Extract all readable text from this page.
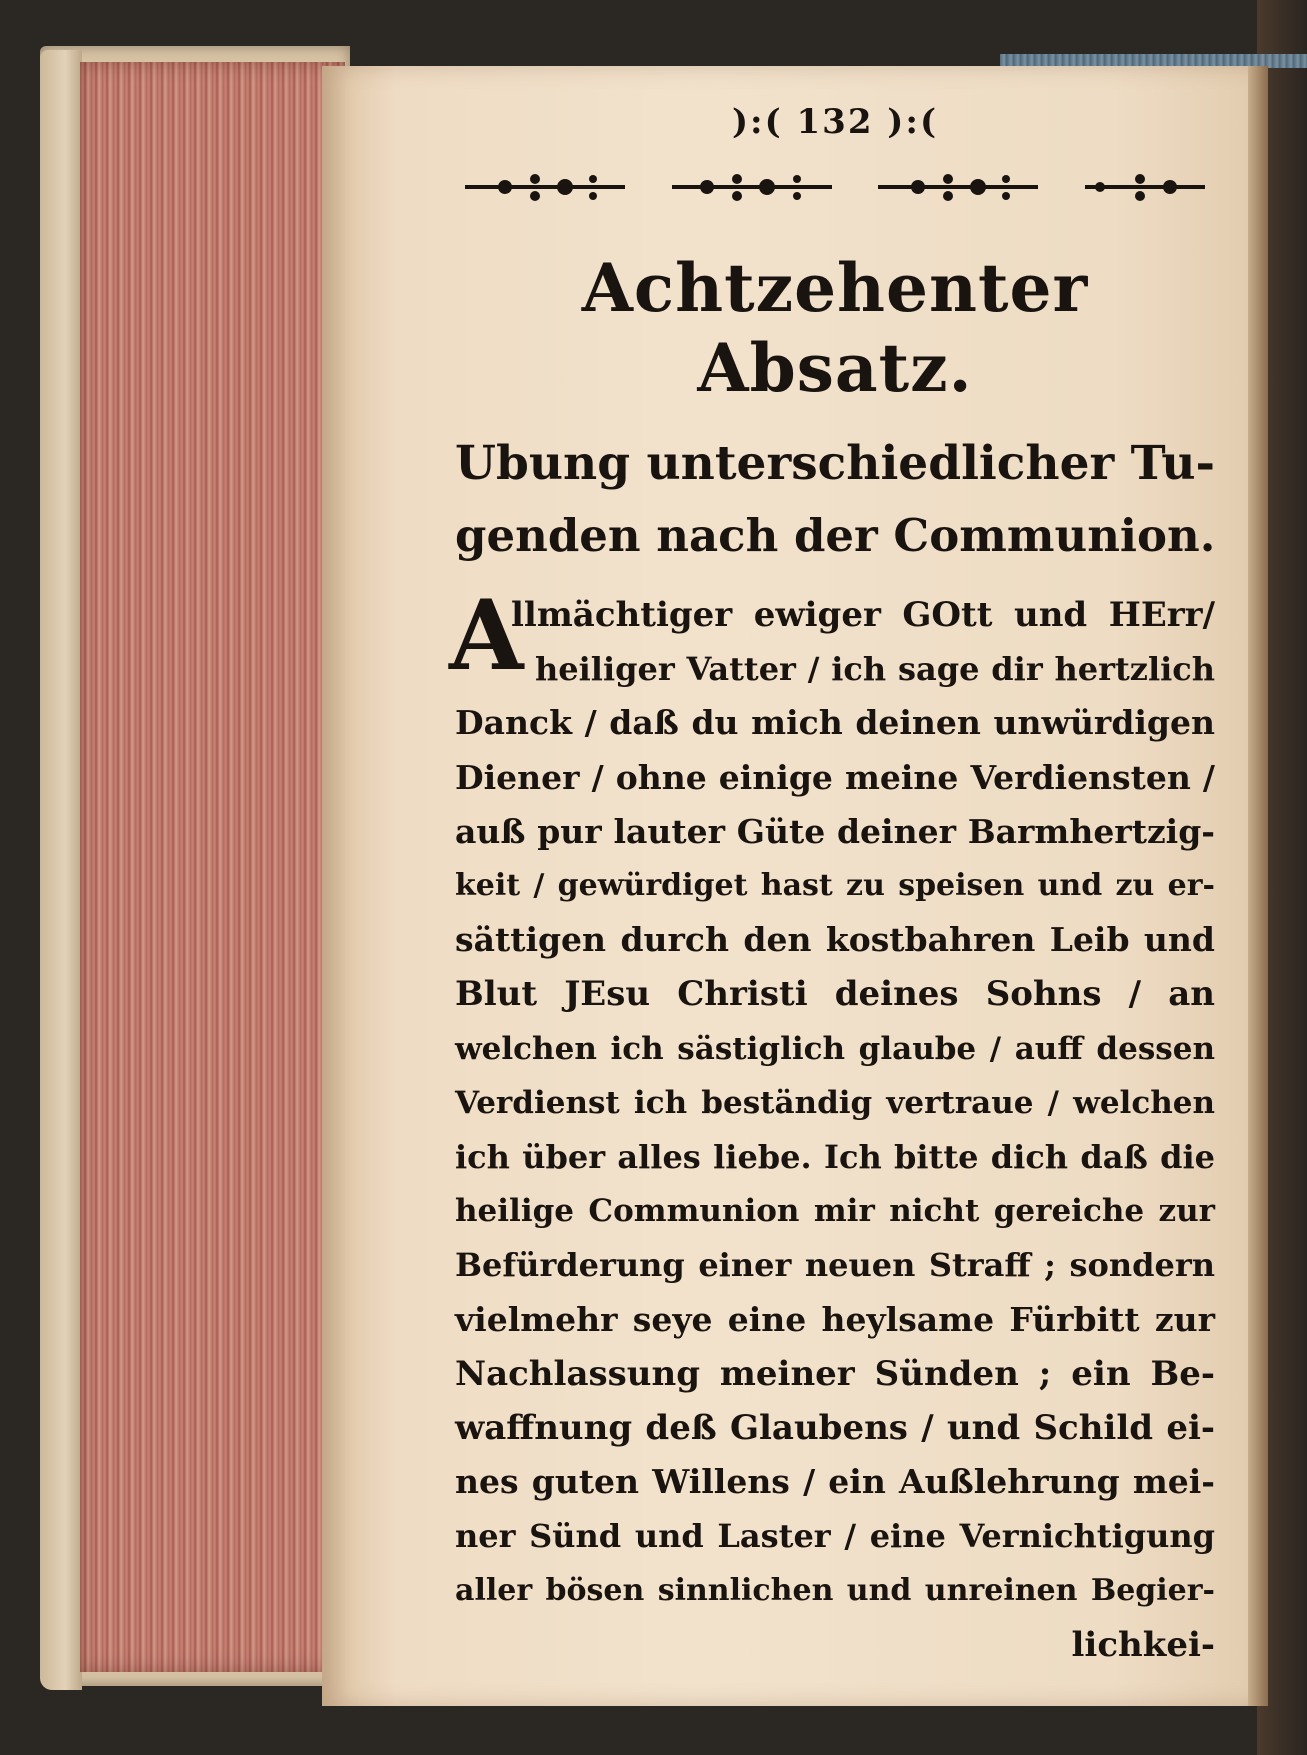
):( 132 ):(
Achtzehenter Absatz.
Ubung unterschiedlicher Tu-
genden nach der Communion.
A
llmächtiger ewiger GOtt und HErr/
heiliger Vatter / ich sage dir hertzlich
Danck / daß du mich deinen unwürdigen
Diener / ohne einige meine Verdiensten /
auß pur lauter Güte deiner Barmhertzig-
keit / gewürdiget hast zu speisen und zu er-
sättigen durch den kostbahren Leib und
Blut JEsu Christi deines Sohns / an
welchen ich sästiglich glaube / auff dessen
Verdienst ich beständig vertraue / welchen
ich über alles liebe. Ich bitte dich daß die
heilige Communion mir nicht gereiche zur
Befürderung einer neuen Straff ; sondern
vielmehr seye eine heylsame Fürbitt zur
Nachlassung meiner Sünden ; ein Be-
waffnung deß Glaubens / und Schild ei-
nes guten Willens / ein Außlehrung mei-
ner Sünd und Laster / eine Vernichtigung
aller bösen sinnlichen und unreinen Begier-
lichkei-
